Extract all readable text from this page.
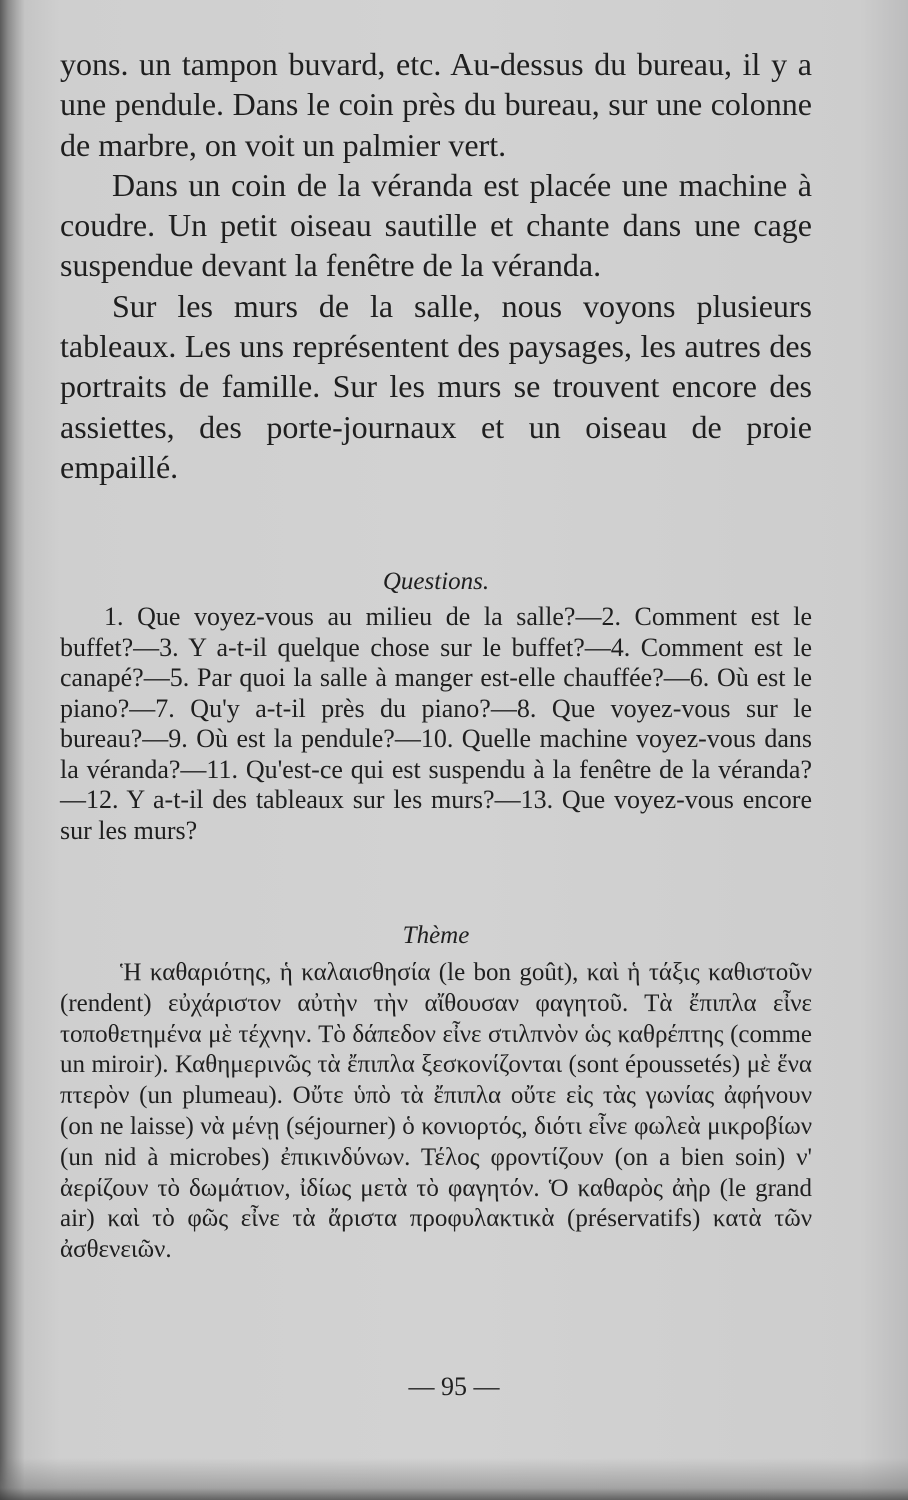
yons. un tampon buvard, etc. Au-dessus du bureau, il y a une pendule. Dans le coin près du bureau, sur une colonne de marbre, on voit un palmier vert.

Dans un coin de la véranda est placée une machine à coudre. Un petit oiseau sautille et chante dans une cage suspendue devant la fenêtre de la véranda.

Sur les murs de la salle, nous voyons plusieurs tableaux. Les uns représentent des paysages, les autres des portraits de famille. Sur les murs se trouvent encore des assiettes, des porte-journaux et un oiseau de proie empaillé.

Questions.

1. Que voyez-vous au milieu de la salle?—2. Comment est le buffet?—3. Y a-t-il quelque chose sur le buffet?—4. Comment est le canapé?—5. Par quoi la salle à manger est-elle chauffée?—6. Où est le piano?—7. Qu'y a-t-il près du piano?—8. Que voyez-vous sur le bureau?—9. Où est la pendule?—10. Quelle machine voyez-vous dans la véranda?—11. Qu'est-ce qui est suspendu à la fenêtre de la véranda?—12. Y a-t-il des tableaux sur les murs?—13. Que voyez-vous encore sur les murs?

Thème

Ἡ καθαριότης, ἡ καλαισθησία (le bon goût), καὶ ἡ τάξις καθιστοῦν (rendent) εὐχάριστον αὐτὴν τὴν αἴθουσαν φαγητοῦ. Τὰ ἔπιπλα εἶνε τοποθετημένα μὲ τέχνην. Τὸ δάπεδον εἶνε στιλπνὸν ὡς καθρέπτης (comme un miroir). Καθημερινῶς τὰ ἔπιπλα ξεσκονίζονται (sont époussetés) μὲ ἕνα πτερὸν (un plumeau). Οὔτε ὑπὸ τὰ ἔπιπλα οὔτε εἰς τὰς γωνίας ἀφήνουν (on ne laisse) νὰ μένῃ (séjourner) ὁ κονιορτός, διότι εἶνε φωλεὰ μικροβίων (un nid à microbes) ἐπικινδύνων. Τέλος φροντίζουν (on a bien soin) ν' ἀερίζουν τὸ δωμάτιον, ἰδίως μετὰ τὸ φαγητόν. Ὁ καθαρὸς ἀὴρ (le grand air) καὶ τὸ φῶς εἶνε τὰ ἄριστα προφυλακτικὰ (préservatifs) κατὰ τῶν ἀσθενειῶν.

— 95 —
